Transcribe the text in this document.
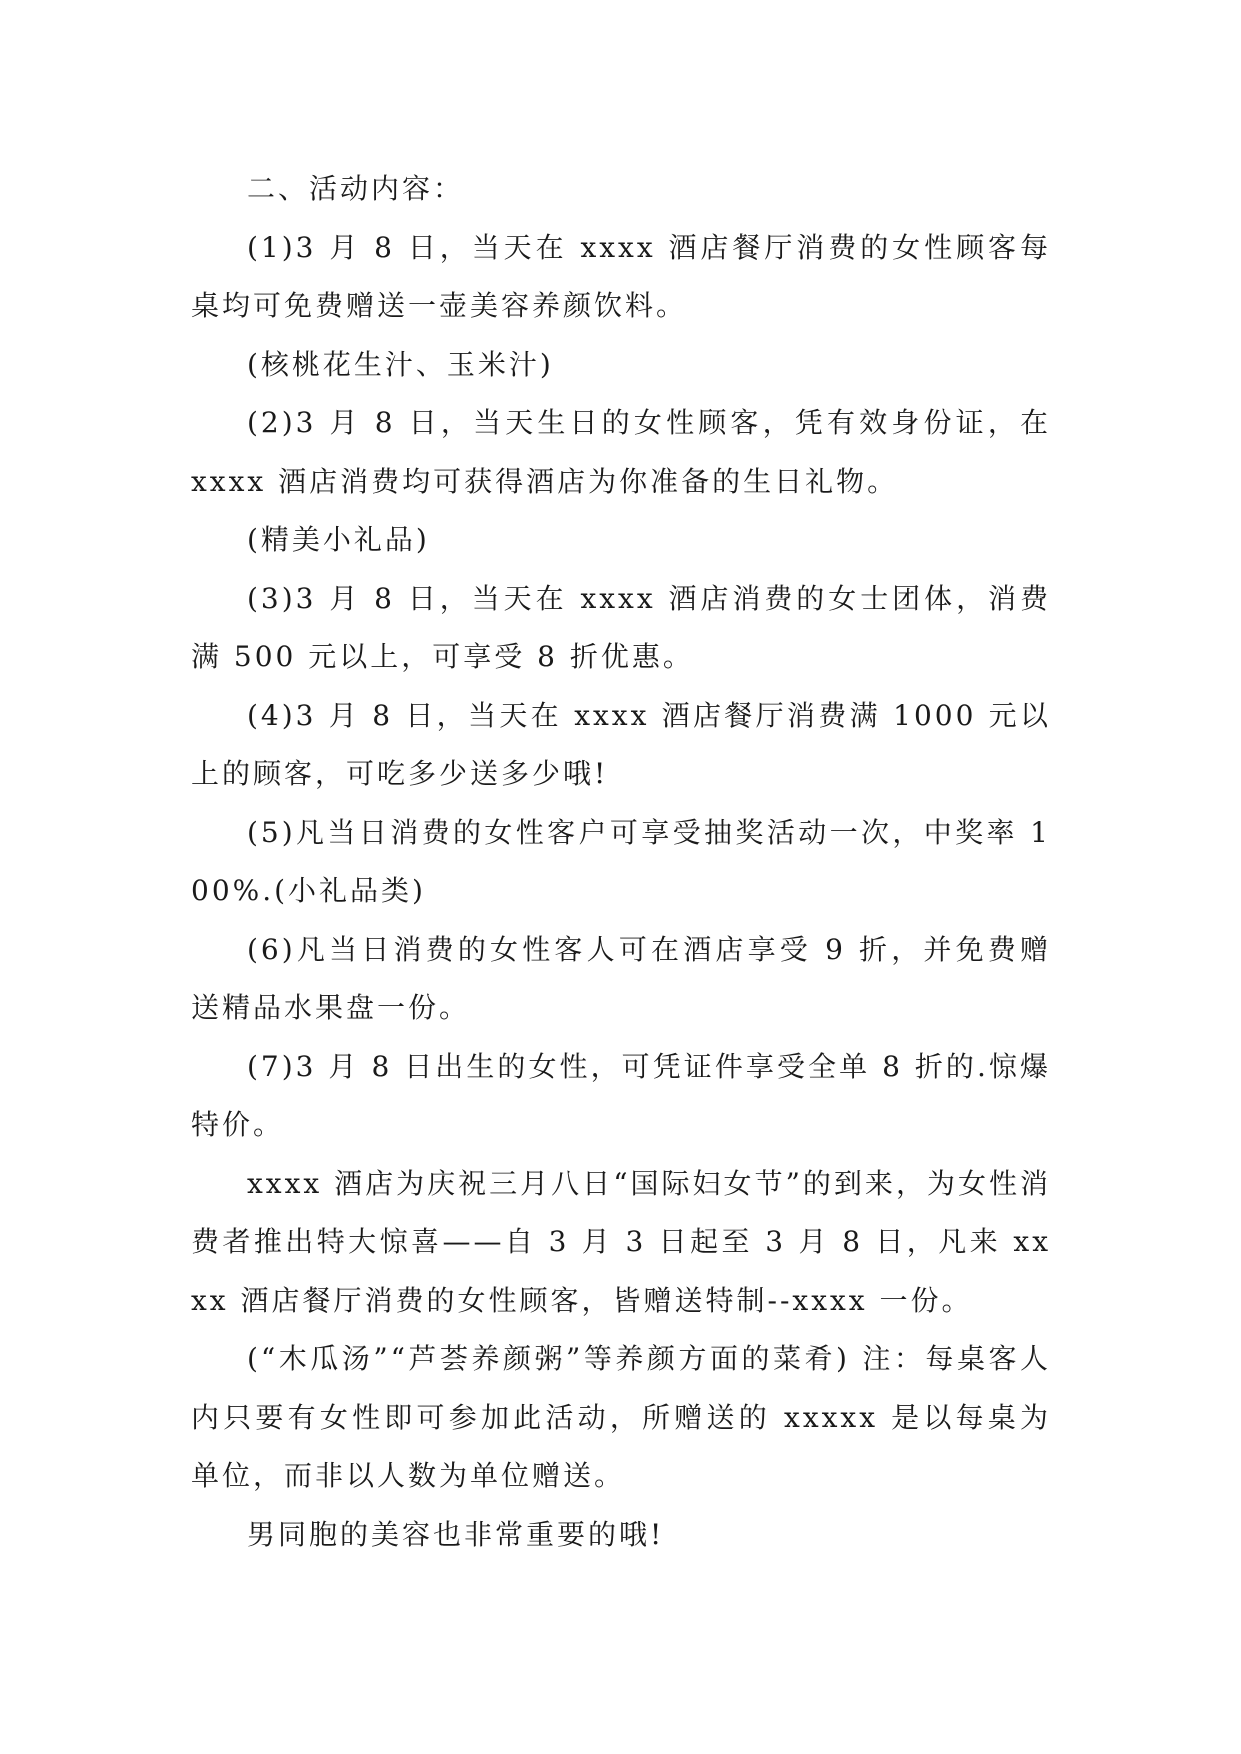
二、活动内容：

(1)3 月 8 日，当天在 xxxx 酒店餐厅消费的女性顾客每桌均可免费赠送一壶美容养颜饮料。

(核桃花生汁、玉米汁)

(2)3 月 8 日，当天生日的女性顾客，凭有效身份证，在 xxxx 酒店消费均可获得酒店为你准备的生日礼物。

(精美小礼品)

(3)3 月 8 日，当天在 xxxx 酒店消费的女士团体，消费满 500 元以上，可享受 8 折优惠。

(4)3 月 8 日，当天在 xxxx 酒店餐厅消费满 1000 元以上的顾客，可吃多少送多少哦!

(5)凡当日消费的女性客户可享受抽奖活动一次，中奖率 100%.(小礼品类)

(6)凡当日消费的女性客人可在酒店享受 9 折，并免费赠送精品水果盘一份。

(7)3 月 8 日出生的女性，可凭证件享受全单 8 折的.惊爆特价。

xxxx 酒店为庆祝三月八日“国际妇女节”的到来，为女性消费者推出特大惊喜——自 3 月 3 日起至 3 月 8 日，凡来 xxxx 酒店餐厅消费的女性顾客，皆赠送特制--xxxx 一份。

(“木瓜汤”“芦荟养颜粥”等养颜方面的菜肴) 注：每桌客人内只要有女性即可参加此活动，所赠送的 xxxxx 是以每桌为单位，而非以人数为单位赠送。

男同胞的美容也非常重要的哦!
